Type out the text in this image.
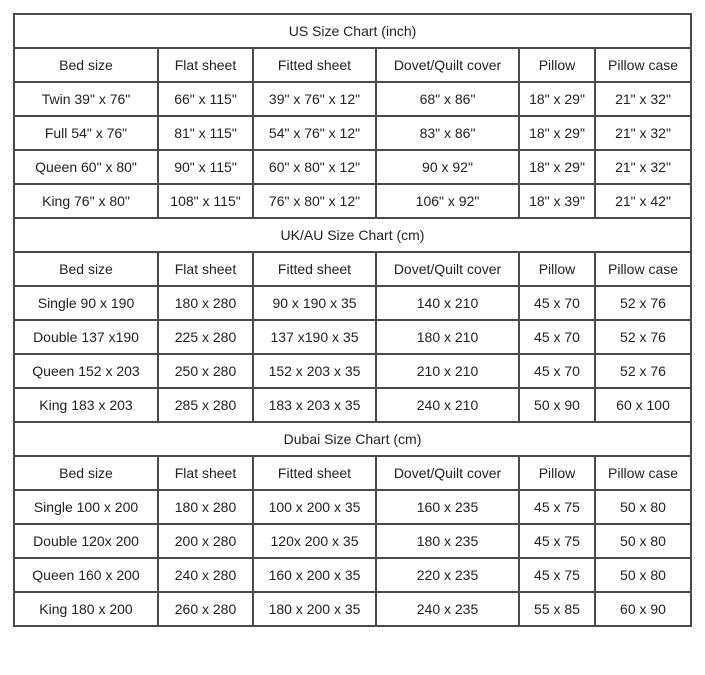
US Size Chart (inch)					
Bed size	Flat sheet	Fitted sheet	Dovet/Quilt cover	Pillow	Pillow case
Twin 39" x 76"	66" x 115"	39" x 76" x 12"	68" x 86"	18" x 29"	21" x 32"
Full 54" x 76"	81" x 115"	54" x 76" x 12"	83" x 86"	18" x 29"	21" x 32"
Queen 60" x 80"	90" x 115"	60" x 80" x 12"	90 x 92"	18" x 29"	21" x 32"
King 76" x 80"	108" x 115"	76" x 80" x 12"	106" x 92"	18" x 39"	21" x 42"
UK/AU Size Chart (cm)					
Bed size	Flat sheet	Fitted sheet	Dovet/Quilt cover	Pillow	Pillow case
Single 90 x 190	180 x 280	90 x 190 x 35	140 x 210	45 x 70	52 x 76
Double 137 x190	225 x 280	137 x190 x 35	180 x 210	45 x 70	52 x 76
Queen 152 x 203	250 x 280	152 x 203 x 35	210 x 210	45 x 70	52 x 76
King 183 x 203	285 x 280	183 x 203 x 35	240 x 210	50 x 90	60 x 100
Dubai Size Chart (cm)					
Bed size	Flat sheet	Fitted sheet	Dovet/Quilt cover	Pillow	Pillow case
Single 100 x 200	180 x 280	100 x 200 x 35	160 x 235	45 x 75	50 x 80
Double 120x 200	200 x 280	120x 200 x 35	180 x 235	45 x 75	50 x 80
Queen 160 x 200	240 x 280	160 x 200 x 35	220 x 235	45 x 75	50 x 80
King 180 x 200	260 x 280	180 x 200 x 35	240 x 235	55 x 85	60 x 90
